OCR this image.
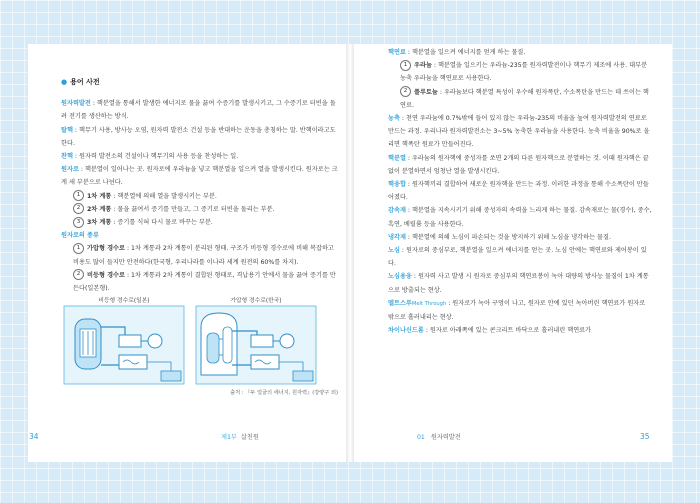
● 용어 사전

원자력발전 : 핵분열을 통해서 발생한 에너지로 물을 끓여 수증기를 발생시키고, 그 수증기로 터빈을 돌려 전기를 생산하는 방식.

탈핵 : 핵무기 사용, 방사능 오염, 원자력 발전소 건설 등을 반대하는 운동을 총칭하는 말. 반핵이라고도 한다.

찬핵 : 원자력 발전소의 건설이나 핵무기의 사용 등을 찬성하는 일.

원자로 : 핵분열이 일어나는 곳. 원자로에 우라늄을 넣고 핵분열을 일으켜 열을 발생시킨다. 원자로는 크게 세 부분으로 나뉜다.

1 1차 계통 : 핵분열에 의해 열을 발생시키는 부분.

2 2차 계통 : 물을 끓여서 증기를 만들고, 그 증기로 터빈을 돌리는 부분.

3 3차 계통 : 증기를 식혀 다시 물로 바꾸는 부분.

원자로의 종류

1 가압형 경수로 : 1차 계통과 2차 계통이 분리된 형태. 구조가 비등형 경수로에 비해 복잡하고 비용도 많이 들지만 안전하다(한국형, 우리나라를 이나라 세계 원전의 60%를 차지).

2 비등형 경수로 : 1차 계통과 2차 계통이 결합된 형태로, 격납용기 안에서 물을 끓여 증기를 만든다(일본형).

비등형 경수로(일본)	가압형 경수로(한국)
출처 : 『두 얼굴의 에너지, 원자력』(강양구 외)

핵연료 : 핵분열을 일으켜 에너지를 얻게 하는 물질.

1 우라늄 : 핵분열을 일으키는 우라늄-235를 원자력발전이나 핵무기 제조에 사용. 대부분 농축 우라늄을 핵연료로 사용한다.

2 플루토늄 : 우라늄보다 핵분열 특성이 우수해 원자폭탄, 수소폭탄을 만드는 데 쓰이는 핵연료.

농축 : 천연 우라늄에 0.7%밖에 들어 있지 않는 우라늄-235의 비율을 높여 원자력발전의 연료로 만드는 과정. 우리나라 원자력발전소는 3~5% 농축한 우라늄을 사용한다. 농축 비율을 90%로 올리면 핵폭탄 원료가 만들어진다.

핵분열 : 우라늄의 원자핵에 중성자를 쏘면 2개의 다른 원자핵으로 분열하는 것. 이때 원자핵은 끝없이 분열하면서 엄청난 열을 발생시킨다.

핵융합 : 원자핵끼리 결합하여 새로운 원자핵을 만드는 과정. 이러한 과정을 통해 수소폭탄이 만들어졌다.

감속재 : 핵분열을 지속시키기 위해 중성자의 속력을 느리게 하는 물질. 감속재로는 물(경수), 중수, 흑연, 베릴륨 등을 사용한다.

냉각재 : 핵분열에 의해 노심이 파손되는 것을 방지하기 위해 노심을 냉각하는 물질.

노심 : 원자로의 중심부로, 핵분열을 일으켜 에너지를 얻는 곳. 노심 안에는 핵연료와 제어봉이 있다.

노심용융 : 원자력 사고 발생 시 원자로 중심부의 핵연료봉이 녹아 대량의 방사능 물질이 1차 계통으로 방출되는 현상.

멜트스루Melt Through : 원자로가 녹아 구멍이 나고, 원자로 안에 있던 녹아버린 핵연료가 원자로 밖으로 흘러내리는 현상.

차이나신드롬 : 원자로 아래쪽에 있는 콘크리트 바닥으로 흘러내린 핵연료가

34	제1부 살친원	01 원자력발전	35
